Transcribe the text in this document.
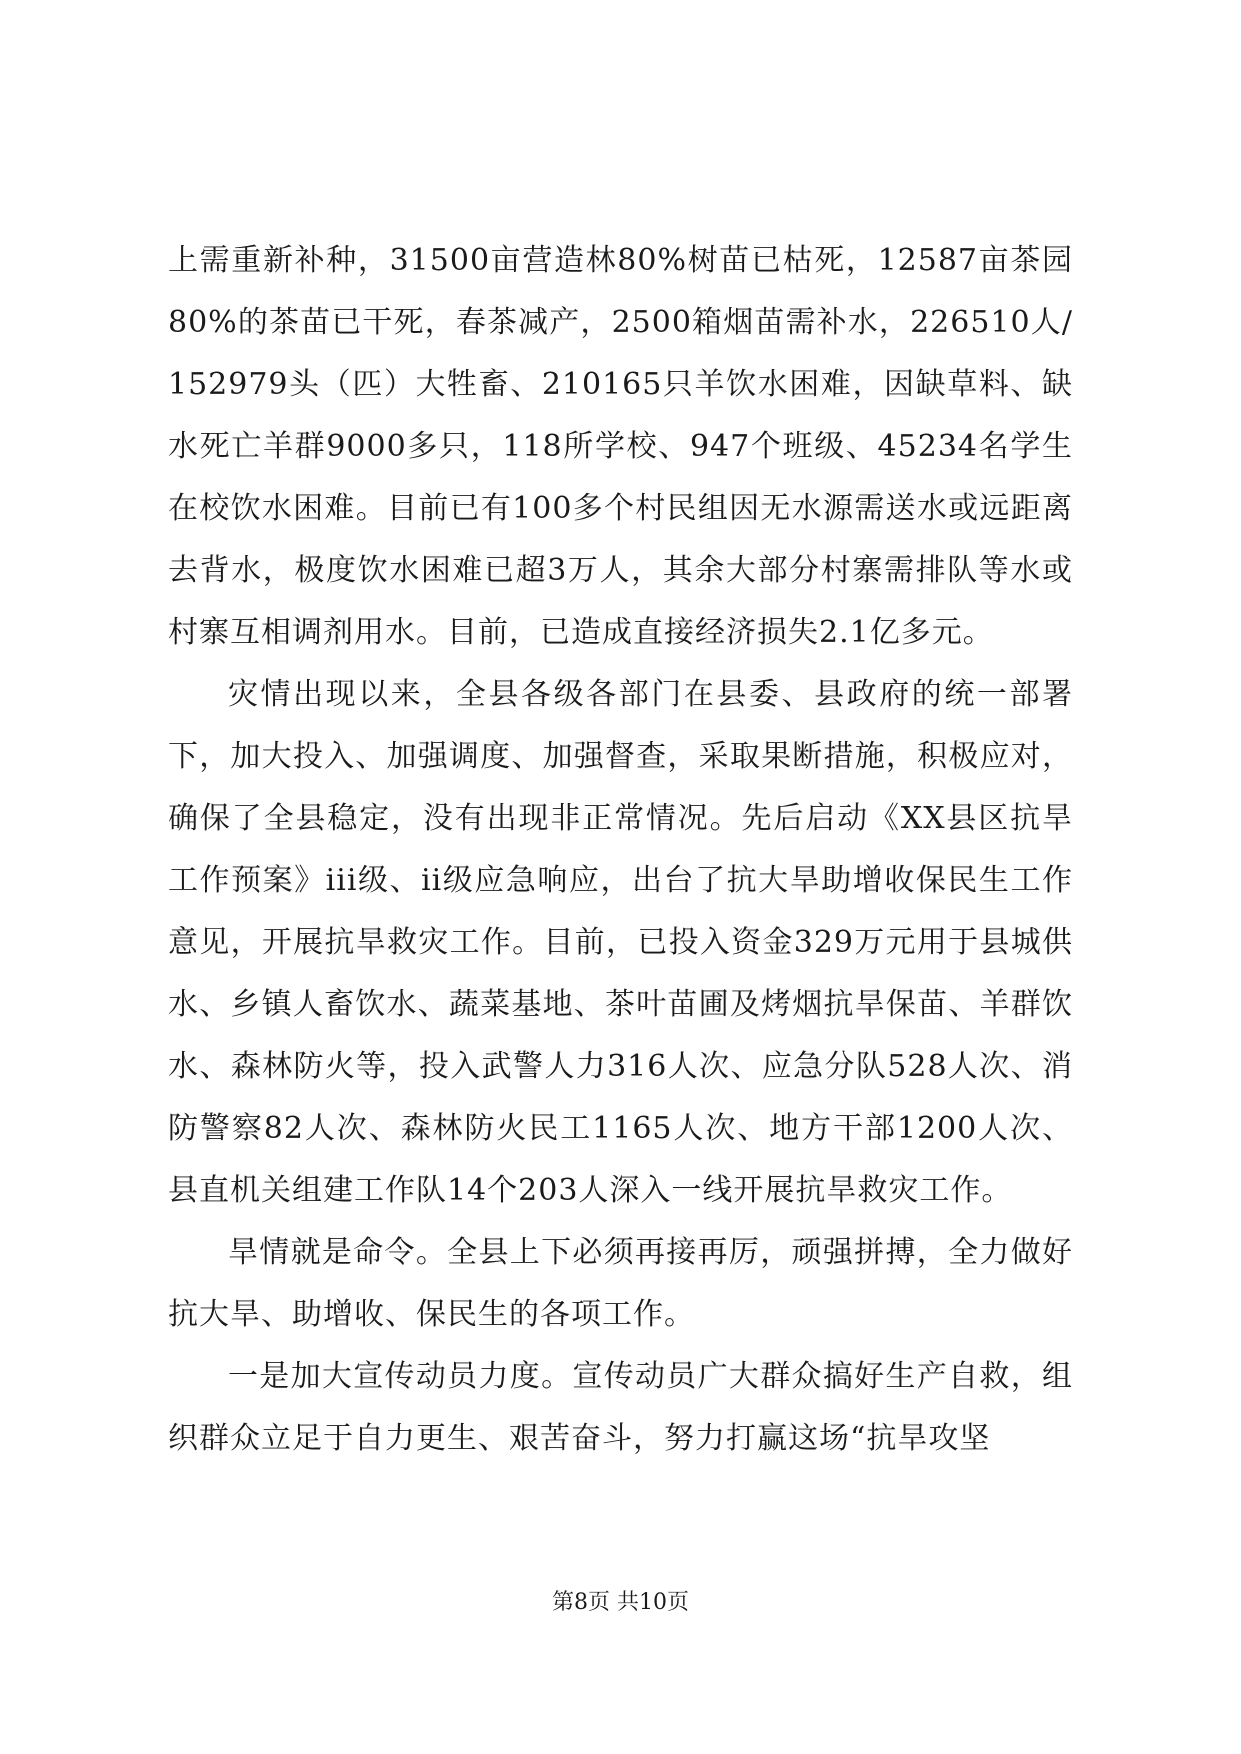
上需重新补种，31500亩营造林80%树苗已枯死，12587亩茶园80%的茶苗已干死，春茶减产，2500箱烟苗需补水，226510人/152979头（匹）大牲畜、210165只羊饮水困难，因缺草料、缺水死亡羊群9000多只，118所学校、947个班级、45234名学生在校饮水困难。目前已有100多个村民组因无水源需送水或远距离去背水，极度饮水困难已超3万人，其余大部分村寨需排队等水或村寨互相调剂用水。目前，已造成直接经济损失2.1亿多元。

灾情出现以来，全县各级各部门在县委、县政府的统一部署下，加大投入、加强调度、加强督查，采取果断措施，积极应对，确保了全县稳定，没有出现非正常情况。先后启动《XX县区抗旱工作预案》iii级、ii级应急响应，出台了抗大旱助增收保民生工作意见，开展抗旱救灾工作。目前，已投入资金329万元用于县城供水、乡镇人畜饮水、蔬菜基地、茶叶苗圃及烤烟抗旱保苗、羊群饮水、森林防火等，投入武警人力316人次、应急分队528人次、消防警察82人次、森林防火民工1165人次、地方干部1200人次、县直机关组建工作队14个203人深入一线开展抗旱救灾工作。

旱情就是命令。全县上下必须再接再厉，顽强拼搏，全力做好抗大旱、助增收、保民生的各项工作。

一是加大宣传动员力度。宣传动员广大群众搞好生产自救，组织群众立足于自力更生、艰苦奋斗，努力打赢这场“抗旱攻坚

第8页 共10页
